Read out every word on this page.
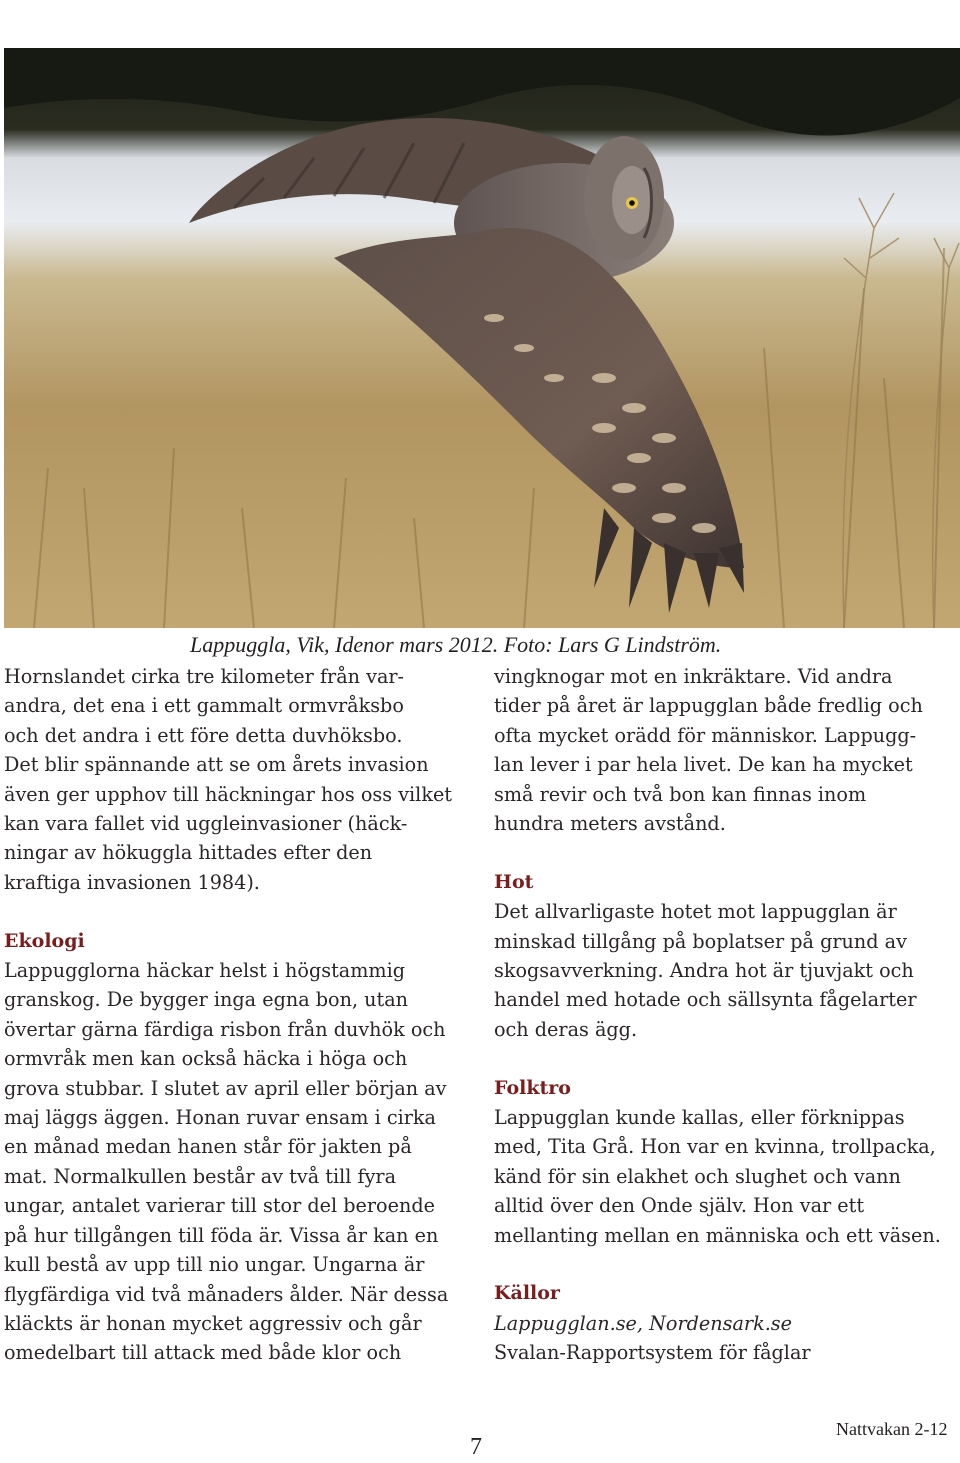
Lappuggla, Vik, Idenor mars 2012. Foto: Lars G Lindström.

Hornslandet cirka tre kilometer från var-
andra, det ena i ett gammalt ormvråksbo
och det andra i ett före detta duvhöksbo.
Det blir spännande att se om årets invasion
även ger upphov till häckningar hos oss vilket
kan vara fallet vid uggleinvasioner (häck-
ningar av hökuggla hittades efter den
kraftiga invasionen 1984).

Ekologi

Lappugglorna häckar helst i högstammig
granskog. De bygger inga egna bon, utan
övertar gärna färdiga risbon från duvhök och
ormvråk men kan också häcka i höga och
grova stubbar. I slutet av april eller början av
maj läggs äggen. Honan ruvar ensam i cirka
en månad medan hanen står för jakten på
mat. Normalkullen består av två till fyra
ungar, antalet varierar till stor del beroende
på hur tillgången till föda är. Vissa år kan en
kull bestå av upp till nio ungar. Ungarna är
flygfärdiga vid två månaders ålder. När dessa
kläckts är honan mycket aggressiv och går
omedelbart till attack med både klor och

vingknogar mot en inkräktare. Vid andra
tider på året är lappugglan både fredlig och
ofta mycket orädd för människor. Lappugg-
lan lever i par hela livet. De kan ha mycket
små revir och två bon kan finnas inom
hundra meters avstånd.

Hot

Det allvarligaste hotet mot lappugglan är
minskad tillgång på boplatser på grund av
skogsavverkning. Andra hot är tjuvjakt och
handel med hotade och sällsynta fågelarter
och deras ägg.

Folktro

Lappugglan kunde kallas, eller förknippas
med, Tita Grå. Hon var en kvinna, trollpacka,
känd för sin elakhet och slughet och vann
alltid över den Onde själv. Hon var ett
mellanting mellan en människa och ett väsen.

Källor

Lappugglan.se, Nordensark.se
Svalan-Rapportsystem för fåglar

7
Nattvakan 2-12
